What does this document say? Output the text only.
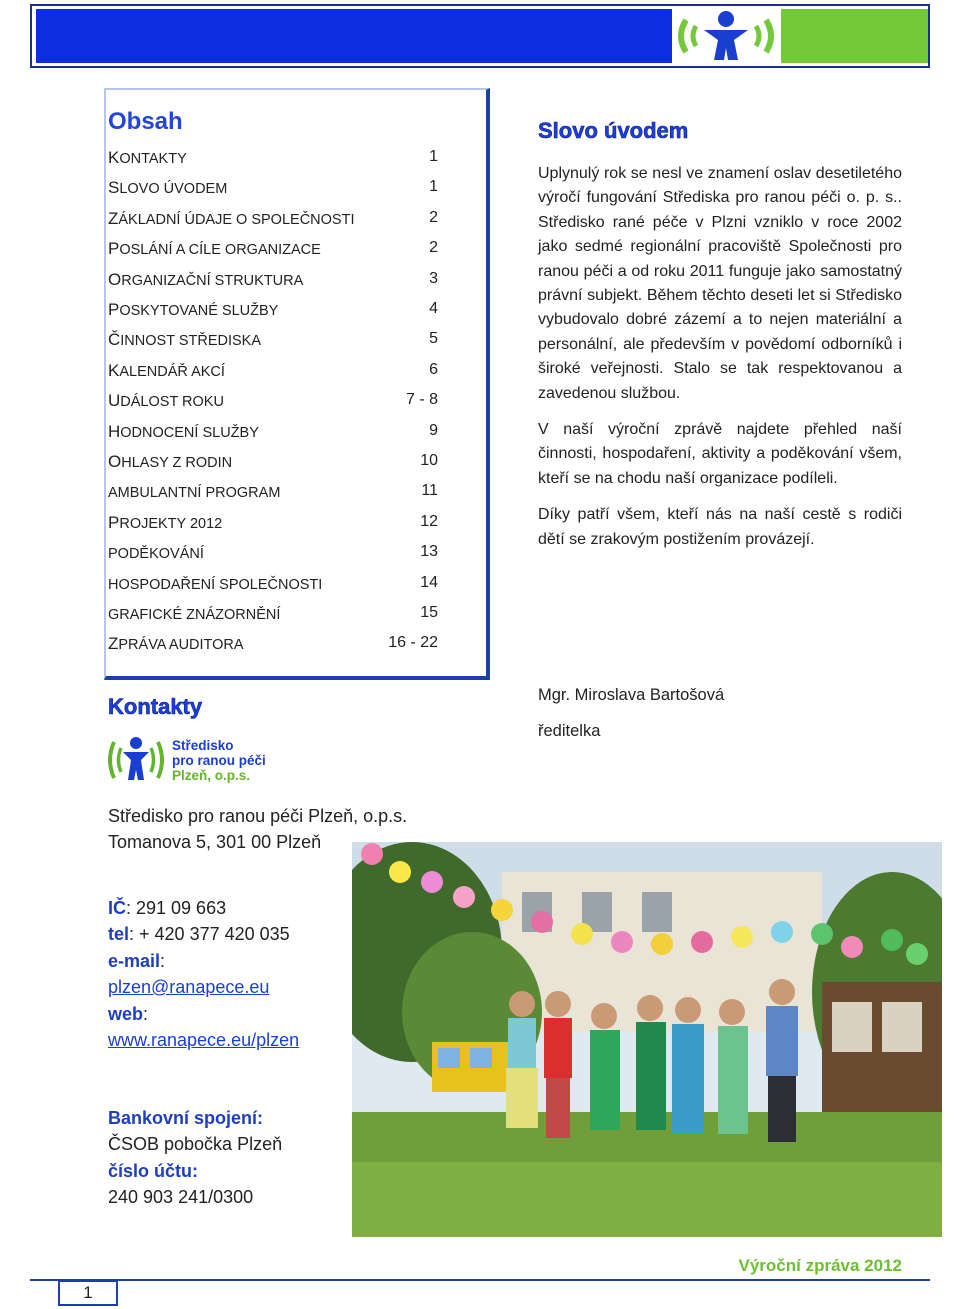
Obsah
KONTAKTY	1
SLOVO ÚVODEM	1
ZÁKLADNÍ ÚDAJE O SPOLEČNOSTI	2
POSLÁNÍ A CÍLE ORGANIZACE	2
ORGANIZAČNÍ STRUKTURA	3
POSKYTOVANÉ SLUŽBY	4
ČINNOST STŘEDISKA	5
KALENDÁŘ AKCÍ	6
UDÁLOST ROKU	7 - 8
HODNOCENÍ SLUŽBY	9
OHLASY Z RODIN	10
AMBULANTNÍ PROGRAM	11
PROJEKTY 2012	12
PODĚKOVÁNÍ	13
HOSPODAŘENÍ SPOLEČNOSTI	14
GRAFICKÉ ZNÁZORNĚNÍ	15
ZPRÁVA AUDITORA	16 - 22
Slovo úvodem

Uplynulý rok se nesl ve znamení oslav desetiletého výročí fungování Střediska pro ranou péči o. p. s.. Středisko rané péče v Plzni vzniklo v roce 2002 jako sedmé regionální pracoviště Společnosti pro ranou péči a od roku 2011 funguje jako samostatný právní subjekt. Během těchto deseti let si Středisko vybudovalo dobré zázemí a to nejen materiální a personální, ale především v povědomí odborníků i široké veřejnosti. Stalo se tak respektovanou a zavedenou službou.

V naší výroční zprávě najdete přehled naší činnosti, hospodaření, aktivity a poděkování všem, kteří se na chodu naší organizace podíleli.

Díky patří všem, kteří nás na naší cestě s rodiči dětí se zrakovým postižením provázejí.

Mgr. Miroslava Bartošová
ředitelka
Kontakty
Středisko
pro ranou péči
Plzeň, o.p.s.
Středisko pro ranou péči Plzeň, o.p.s.
Tomanova 5, 301 00 Plzeň
IČ: 291 09 663
tel: + 420 377 420 035
e-mail:
plzen@ranapece.eu
web:
www.ranapece.eu/plzen
Bankovní spojení:
ČSOB pobočka Plzeň
číslo účtu:
240 903 241/0300
Výroční zpráva 2012
1
